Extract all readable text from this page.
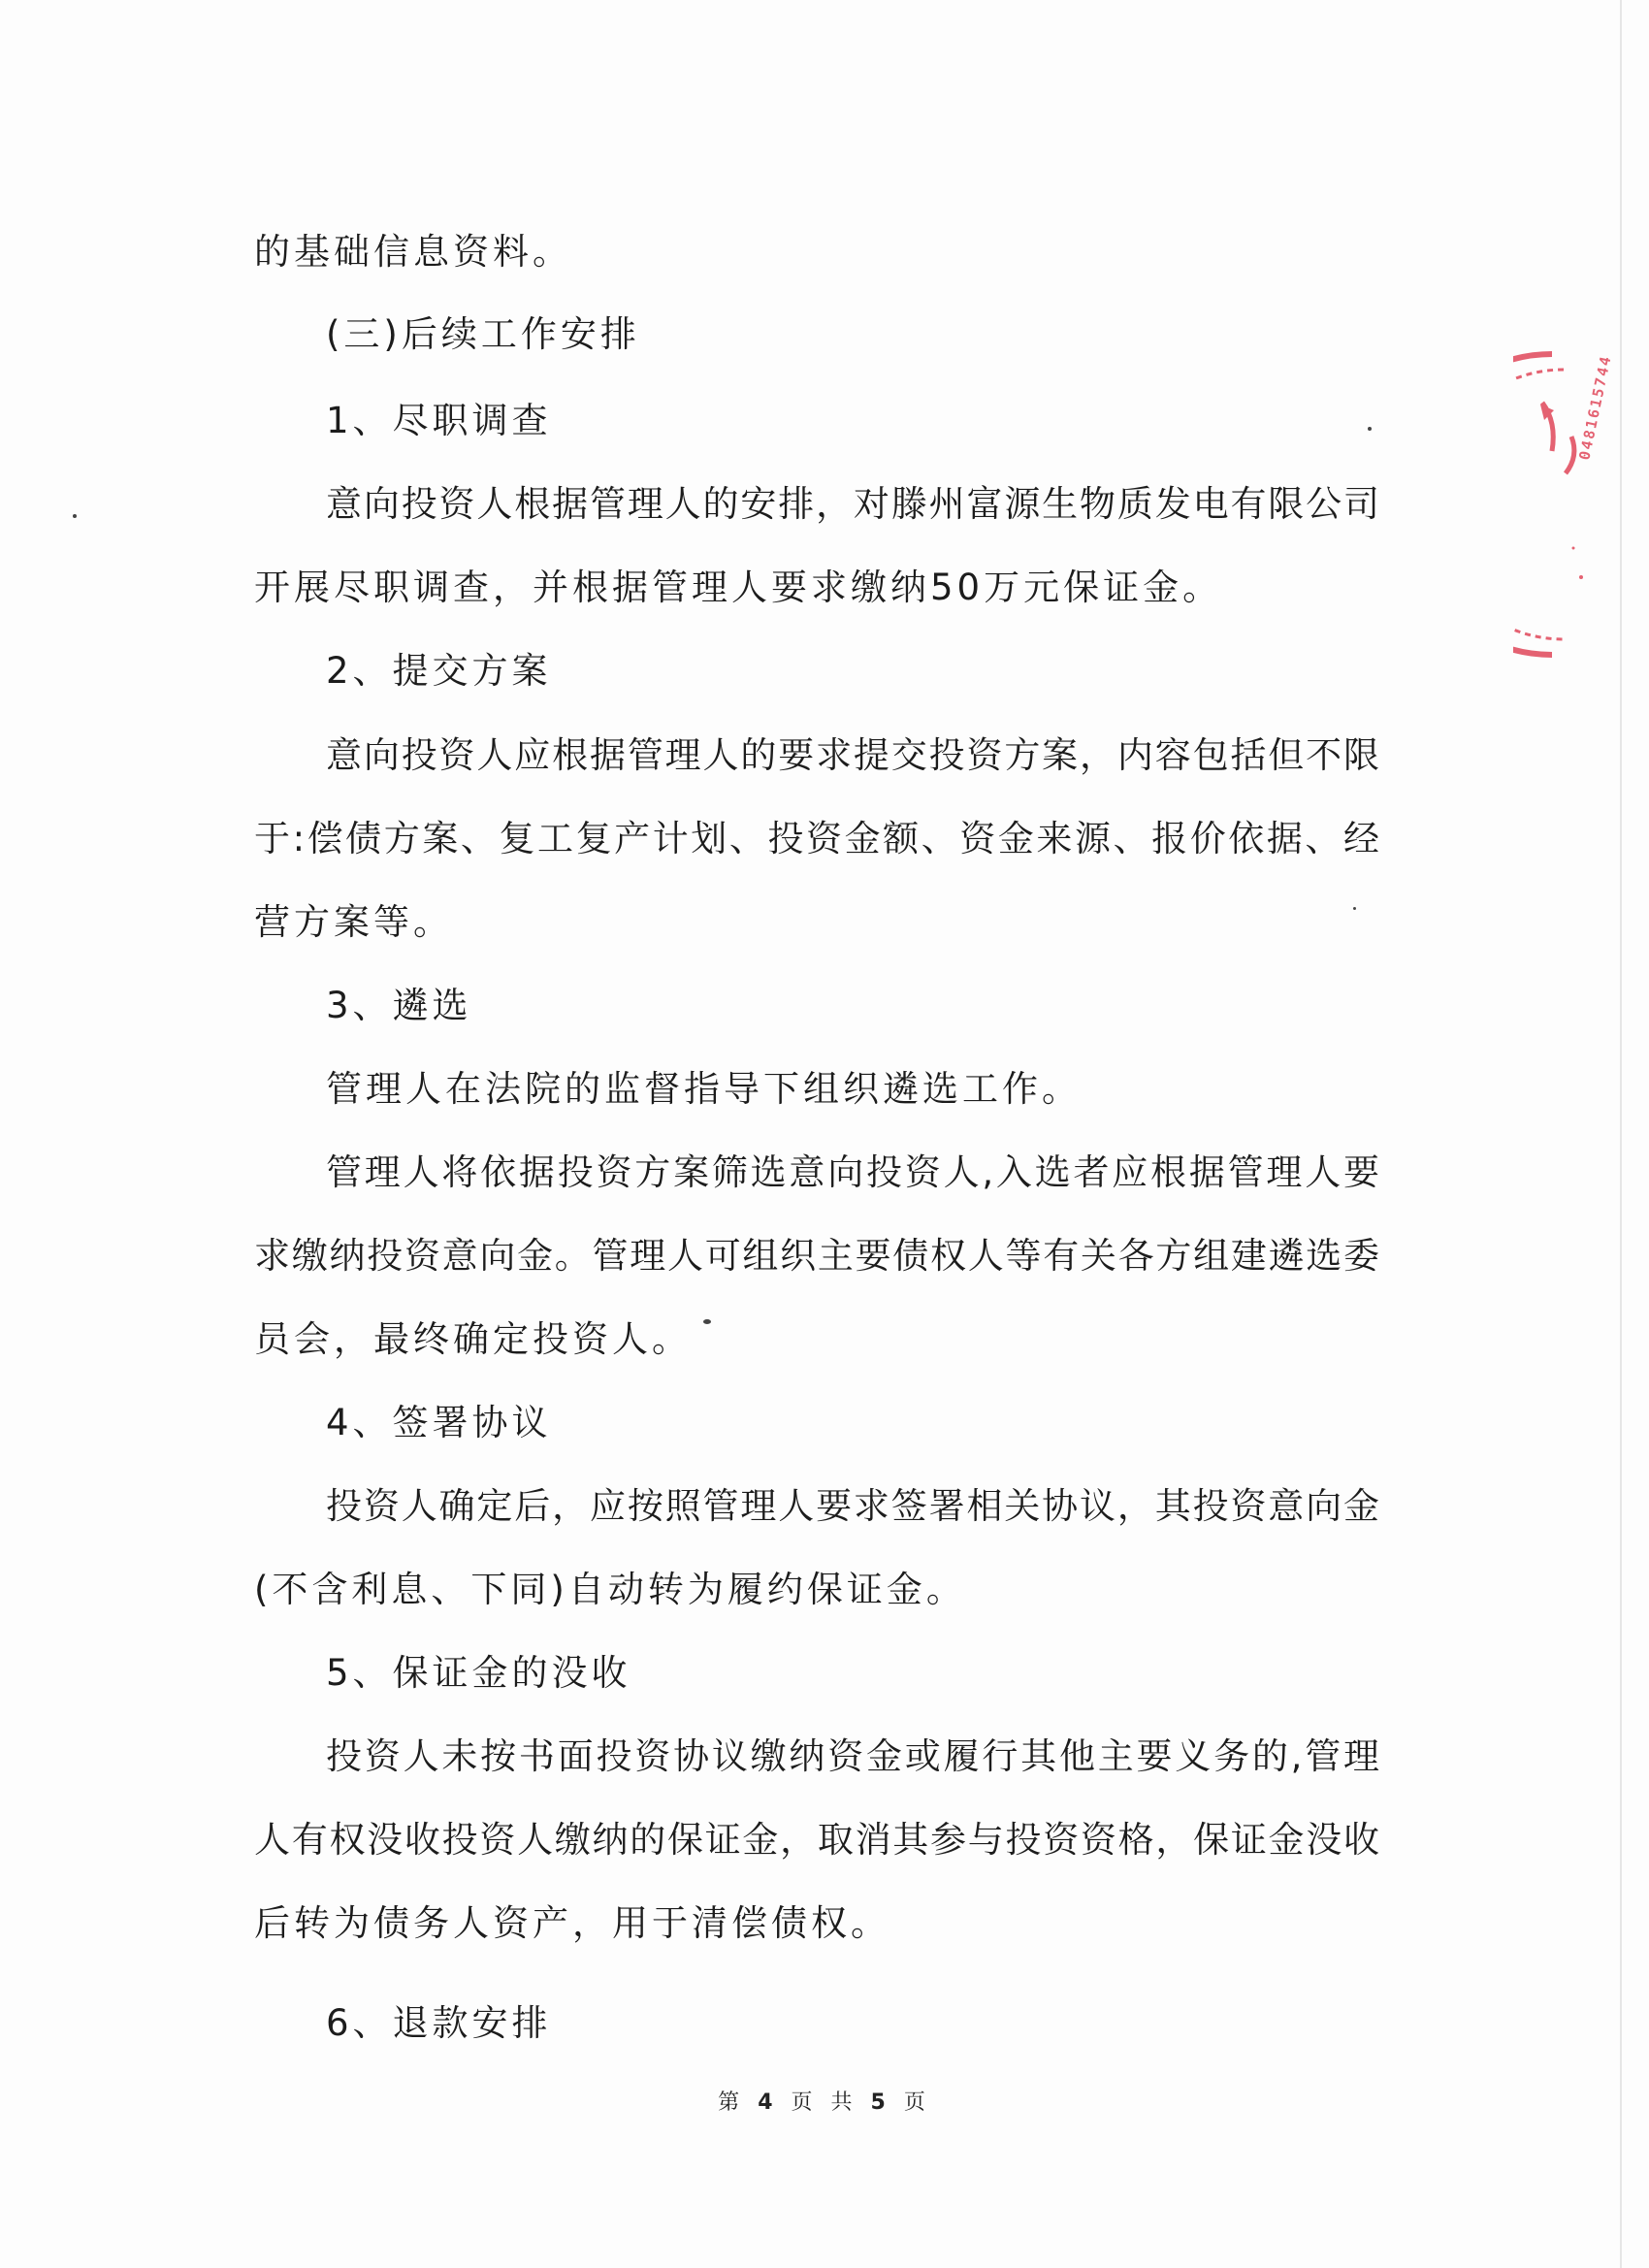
的基础信息资料。
(三)后续工作安排
1、尽职调查
意向投资人根据管理人的安排，对滕州富源生物质发电有限公司
开展尽职调查，并根据管理人要求缴纳50万元保证金。
2、提交方案
意向投资人应根据管理人的要求提交投资方案，内容包括但不限
于:偿债方案、复工复产计划、投资金额、资金来源、报价依据、经
营方案等。
3、遴选
管理人在法院的监督指导下组织遴选工作。
管理人将依据投资方案筛选意向投资人,入选者应根据管理人要
求缴纳投资意向金。管理人可组织主要债权人等有关各方组建遴选委
员会，最终确定投资人。
4、签署协议
投资人确定后，应按照管理人要求签署相关协议，其投资意向金
(不含利息、下同)自动转为履约保证金。
5、保证金的没收
投资人未按书面投资协议缴纳资金或履行其他主要义务的,管理
人有权没收投资人缴纳的保证金，取消其参与投资资格，保证金没收
后转为债务人资产，用于清偿债权。
6、退款安排
第 4 页 共 5 页
0481615744
